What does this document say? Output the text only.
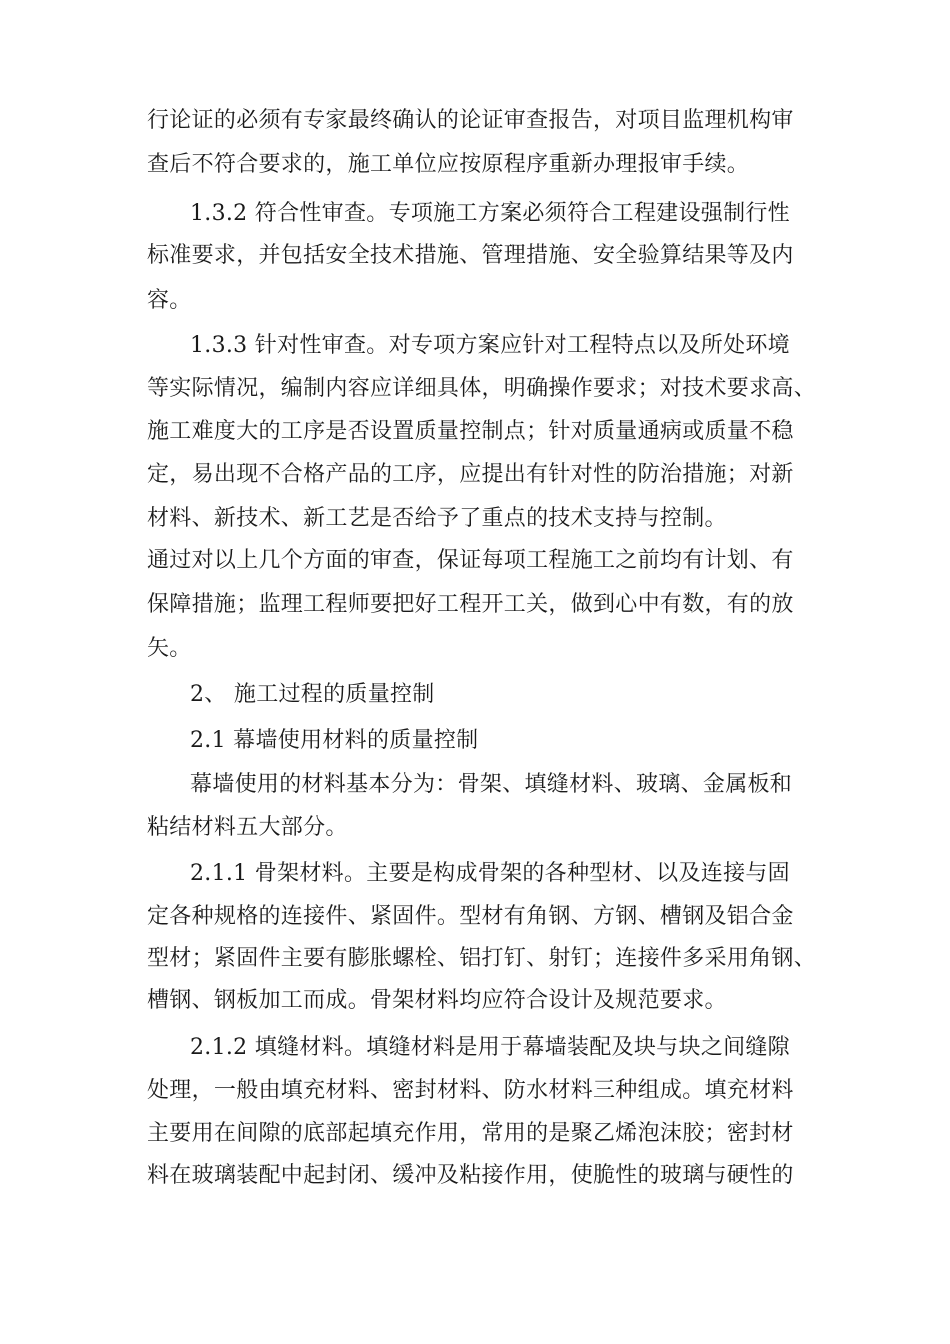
行论证的必须有专家最终确认的论证审查报告，对项目监理机构审
查后不符合要求的，施工单位应按原程序重新办理报审手续。
1.3.2 符合性审查。专项施工方案必须符合工程建设强制行性
标准要求，并包括安全技术措施、管理措施、安全验算结果等及内
容。
1.3.3 针对性审查。对专项方案应针对工程特点以及所处环境
等实际情况，编制内容应详细具体，明确操作要求；对技术要求高、
施工难度大的工序是否设置质量控制点；针对质量通病或质量不稳
定，易出现不合格产品的工序，应提出有针对性的防治措施；对新
材料、新技术、新工艺是否给予了重点的技术支持与控制。
通过对以上几个方面的审查，保证每项工程施工之前均有计划、有
保障措施；监理工程师要把好工程开工关，做到心中有数，有的放
矢。
2、 施工过程的质量控制
2.1 幕墙使用材料的质量控制
幕墙使用的材料基本分为：骨架、填缝材料、玻璃、金属板和
粘结材料五大部分。
2.1.1 骨架材料。主要是构成骨架的各种型材、以及连接与固
定各种规格的连接件、紧固件。型材有角钢、方钢、槽钢及铝合金
型材；紧固件主要有膨胀螺栓、铝打钉、射钉；连接件多采用角钢、
槽钢、钢板加工而成。骨架材料均应符合设计及规范要求。
2.1.2 填缝材料。填缝材料是用于幕墙装配及块与块之间缝隙
处理，一般由填充材料、密封材料、防水材料三种组成。填充材料
主要用在间隙的底部起填充作用，常用的是聚乙烯泡沫胶；密封材
料在玻璃装配中起封闭、缓冲及粘接作用，使脆性的玻璃与硬性的
